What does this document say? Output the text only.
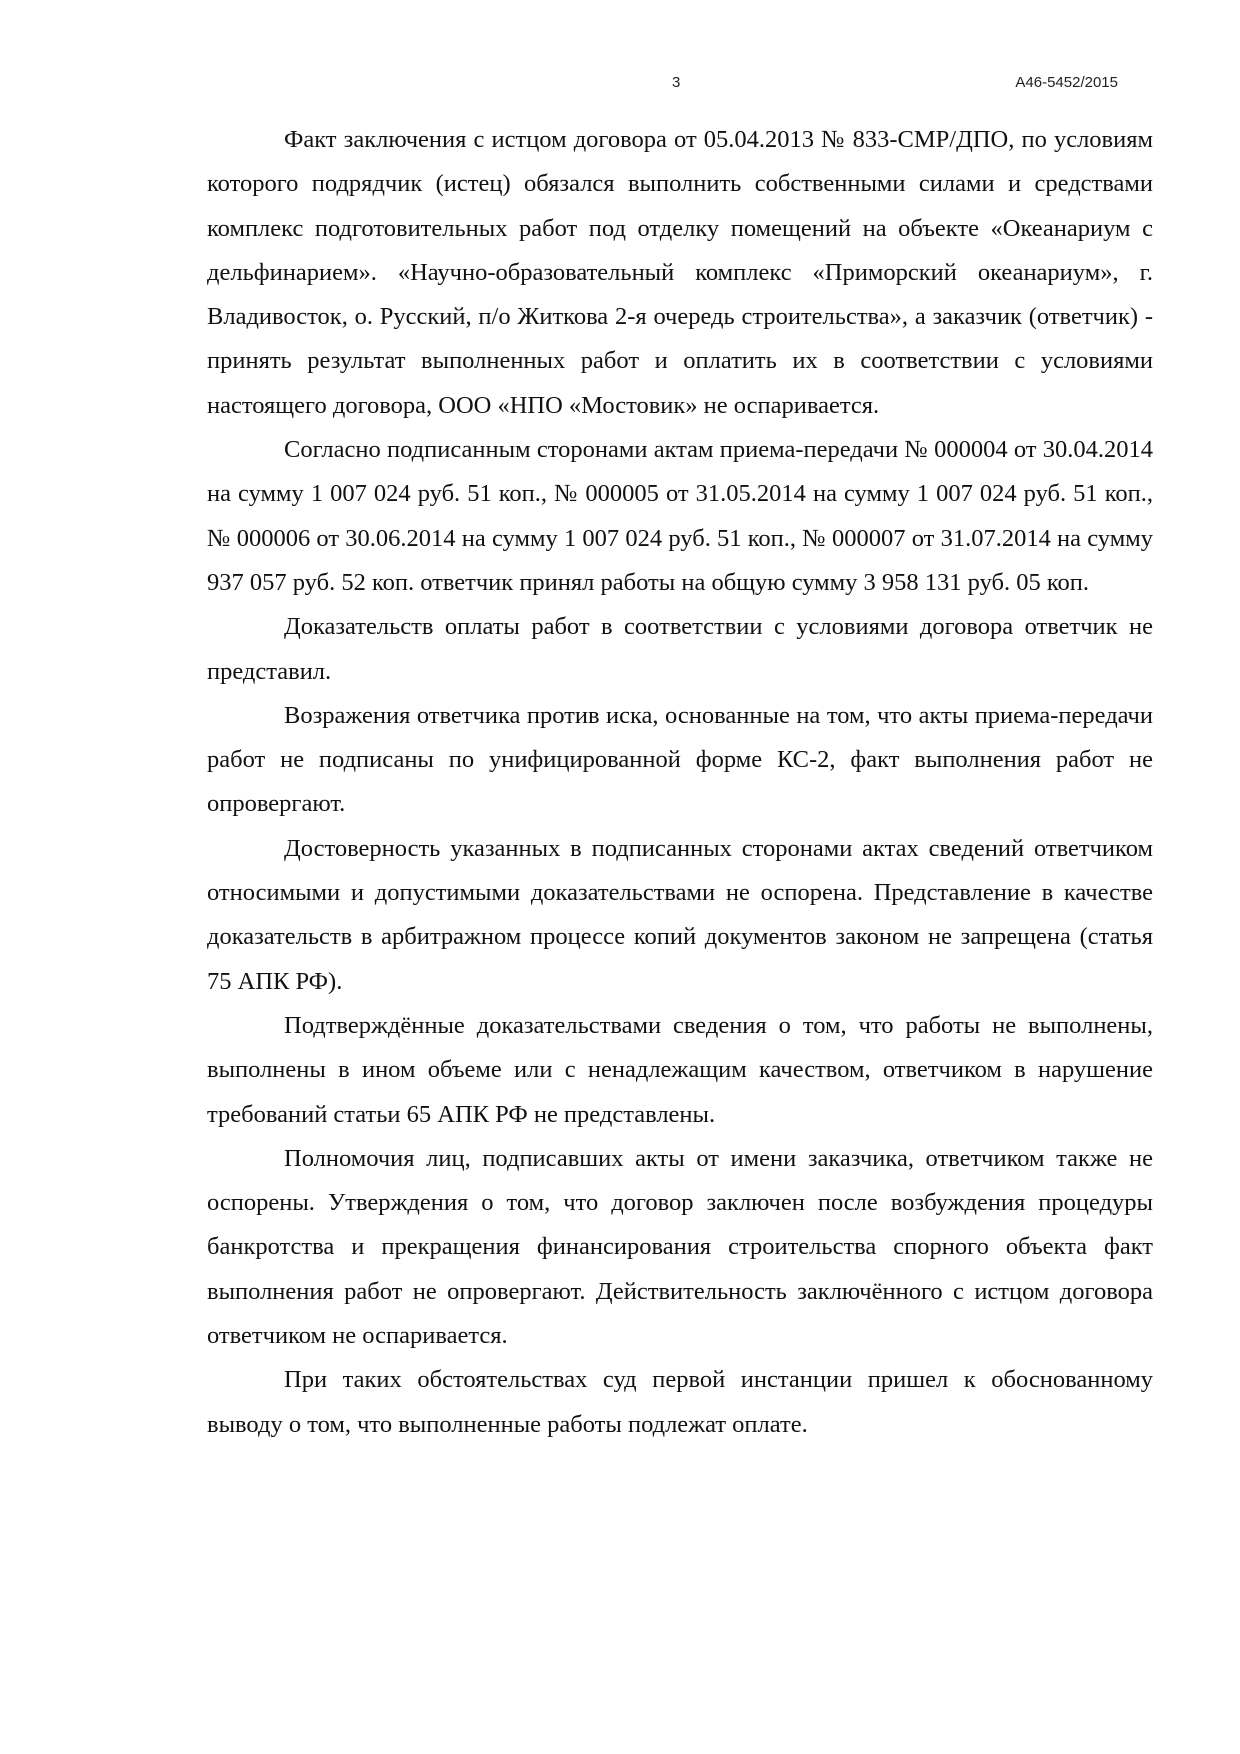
3	А46-5452/2015

Факт заключения с истцом договора от 05.04.2013 № 833-СМР/ДПО, по условиям которого подрядчик (истец) обязался выполнить собственными силами и средствами комплекс подготовительных работ под отделку помещений на объекте «Океанариум с дельфинарием». «Научно-образовательный комплекс «Приморский океанариум», г. Владивосток, о. Русский, п/о Житкова 2-я очередь строительства», а заказчик (ответчик) - принять результат выполненных работ и оплатить их в соответствии с условиями настоящего договора, ООО «НПО «Мостовик» не оспаривается.

Согласно подписанным сторонами актам приема-передачи № 000004 от 30.04.2014 на сумму 1 007 024 руб. 51 коп., № 000005 от 31.05.2014 на сумму 1 007 024 руб. 51 коп., № 000006 от 30.06.2014 на сумму 1 007 024 руб. 51 коп., № 000007 от 31.07.2014 на сумму 937 057 руб. 52 коп. ответчик принял работы на общую сумму 3 958 131 руб. 05 коп.

Доказательств оплаты работ в соответствии с условиями договора ответчик не представил.

Возражения ответчика против иска, основанные на том, что акты приема-передачи работ не подписаны по унифицированной форме КС-2, факт выполнения работ не опровергают.

Достоверность указанных в подписанных сторонами актах сведений ответчиком относимыми и допустимыми доказательствами не оспорена. Представление в качестве доказательств в арбитражном процессе копий документов законом не запрещена (статья 75 АПК РФ).

Подтверждённые доказательствами сведения о том, что работы не выполнены, выполнены в ином объеме или с ненадлежащим качеством, ответчиком в нарушение требований статьи 65 АПК РФ не представлены.

Полномочия лиц, подписавших акты от имени заказчика, ответчиком также не оспорены. Утверждения о том, что договор заключен после возбуждения процедуры банкротства и прекращения финансирования строительства спорного объекта факт выполнения работ не опровергают. Действительность заключённого с истцом договора ответчиком не оспаривается.

При таких обстоятельствах суд первой инстанции пришел к обоснованному выводу о том, что выполненные работы подлежат оплате.
